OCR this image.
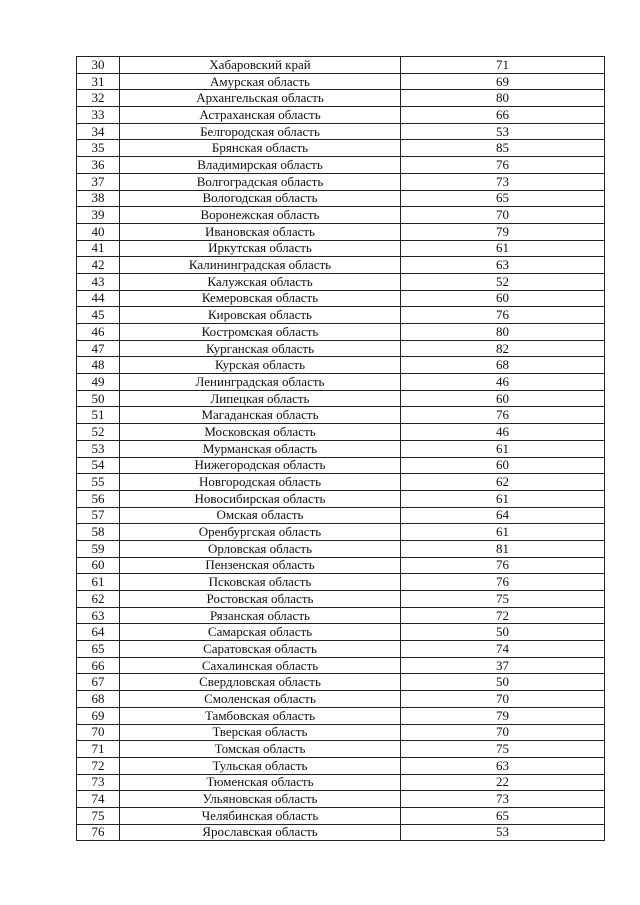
30	Хабаровский край	71
31	Амурская область	69
32	Архангельская область	80
33	Астраханская область	66
34	Белгородская область	53
35	Брянская область	85
36	Владимирская область	76
37	Волгоградская область	73
38	Вологодская область	65
39	Воронежская область	70
40	Ивановская область	79
41	Иркутская область	61
42	Калининградская область	63
43	Калужская область	52
44	Кемеровская область	60
45	Кировская область	76
46	Костромская область	80
47	Курганская область	82
48	Курская область	68
49	Ленинградская область	46
50	Липецкая область	60
51	Магаданская область	76
52	Московская область	46
53	Мурманская область	61
54	Нижегородская область	60
55	Новгородская область	62
56	Новосибирская область	61
57	Омская область	64
58	Оренбургская область	61
59	Орловская область	81
60	Пензенская область	76
61	Псковская область	76
62	Ростовская область	75
63	Рязанская область	72
64	Самарская область	50
65	Саратовская область	74
66	Сахалинская область	37
67	Свердловская область	50
68	Смоленская область	70
69	Тамбовская область	79
70	Тверская область	70
71	Томская область	75
72	Тульская область	63
73	Тюменская область	22
74	Ульяновская область	73
75	Челябинская область	65
76	Ярославская область	53
